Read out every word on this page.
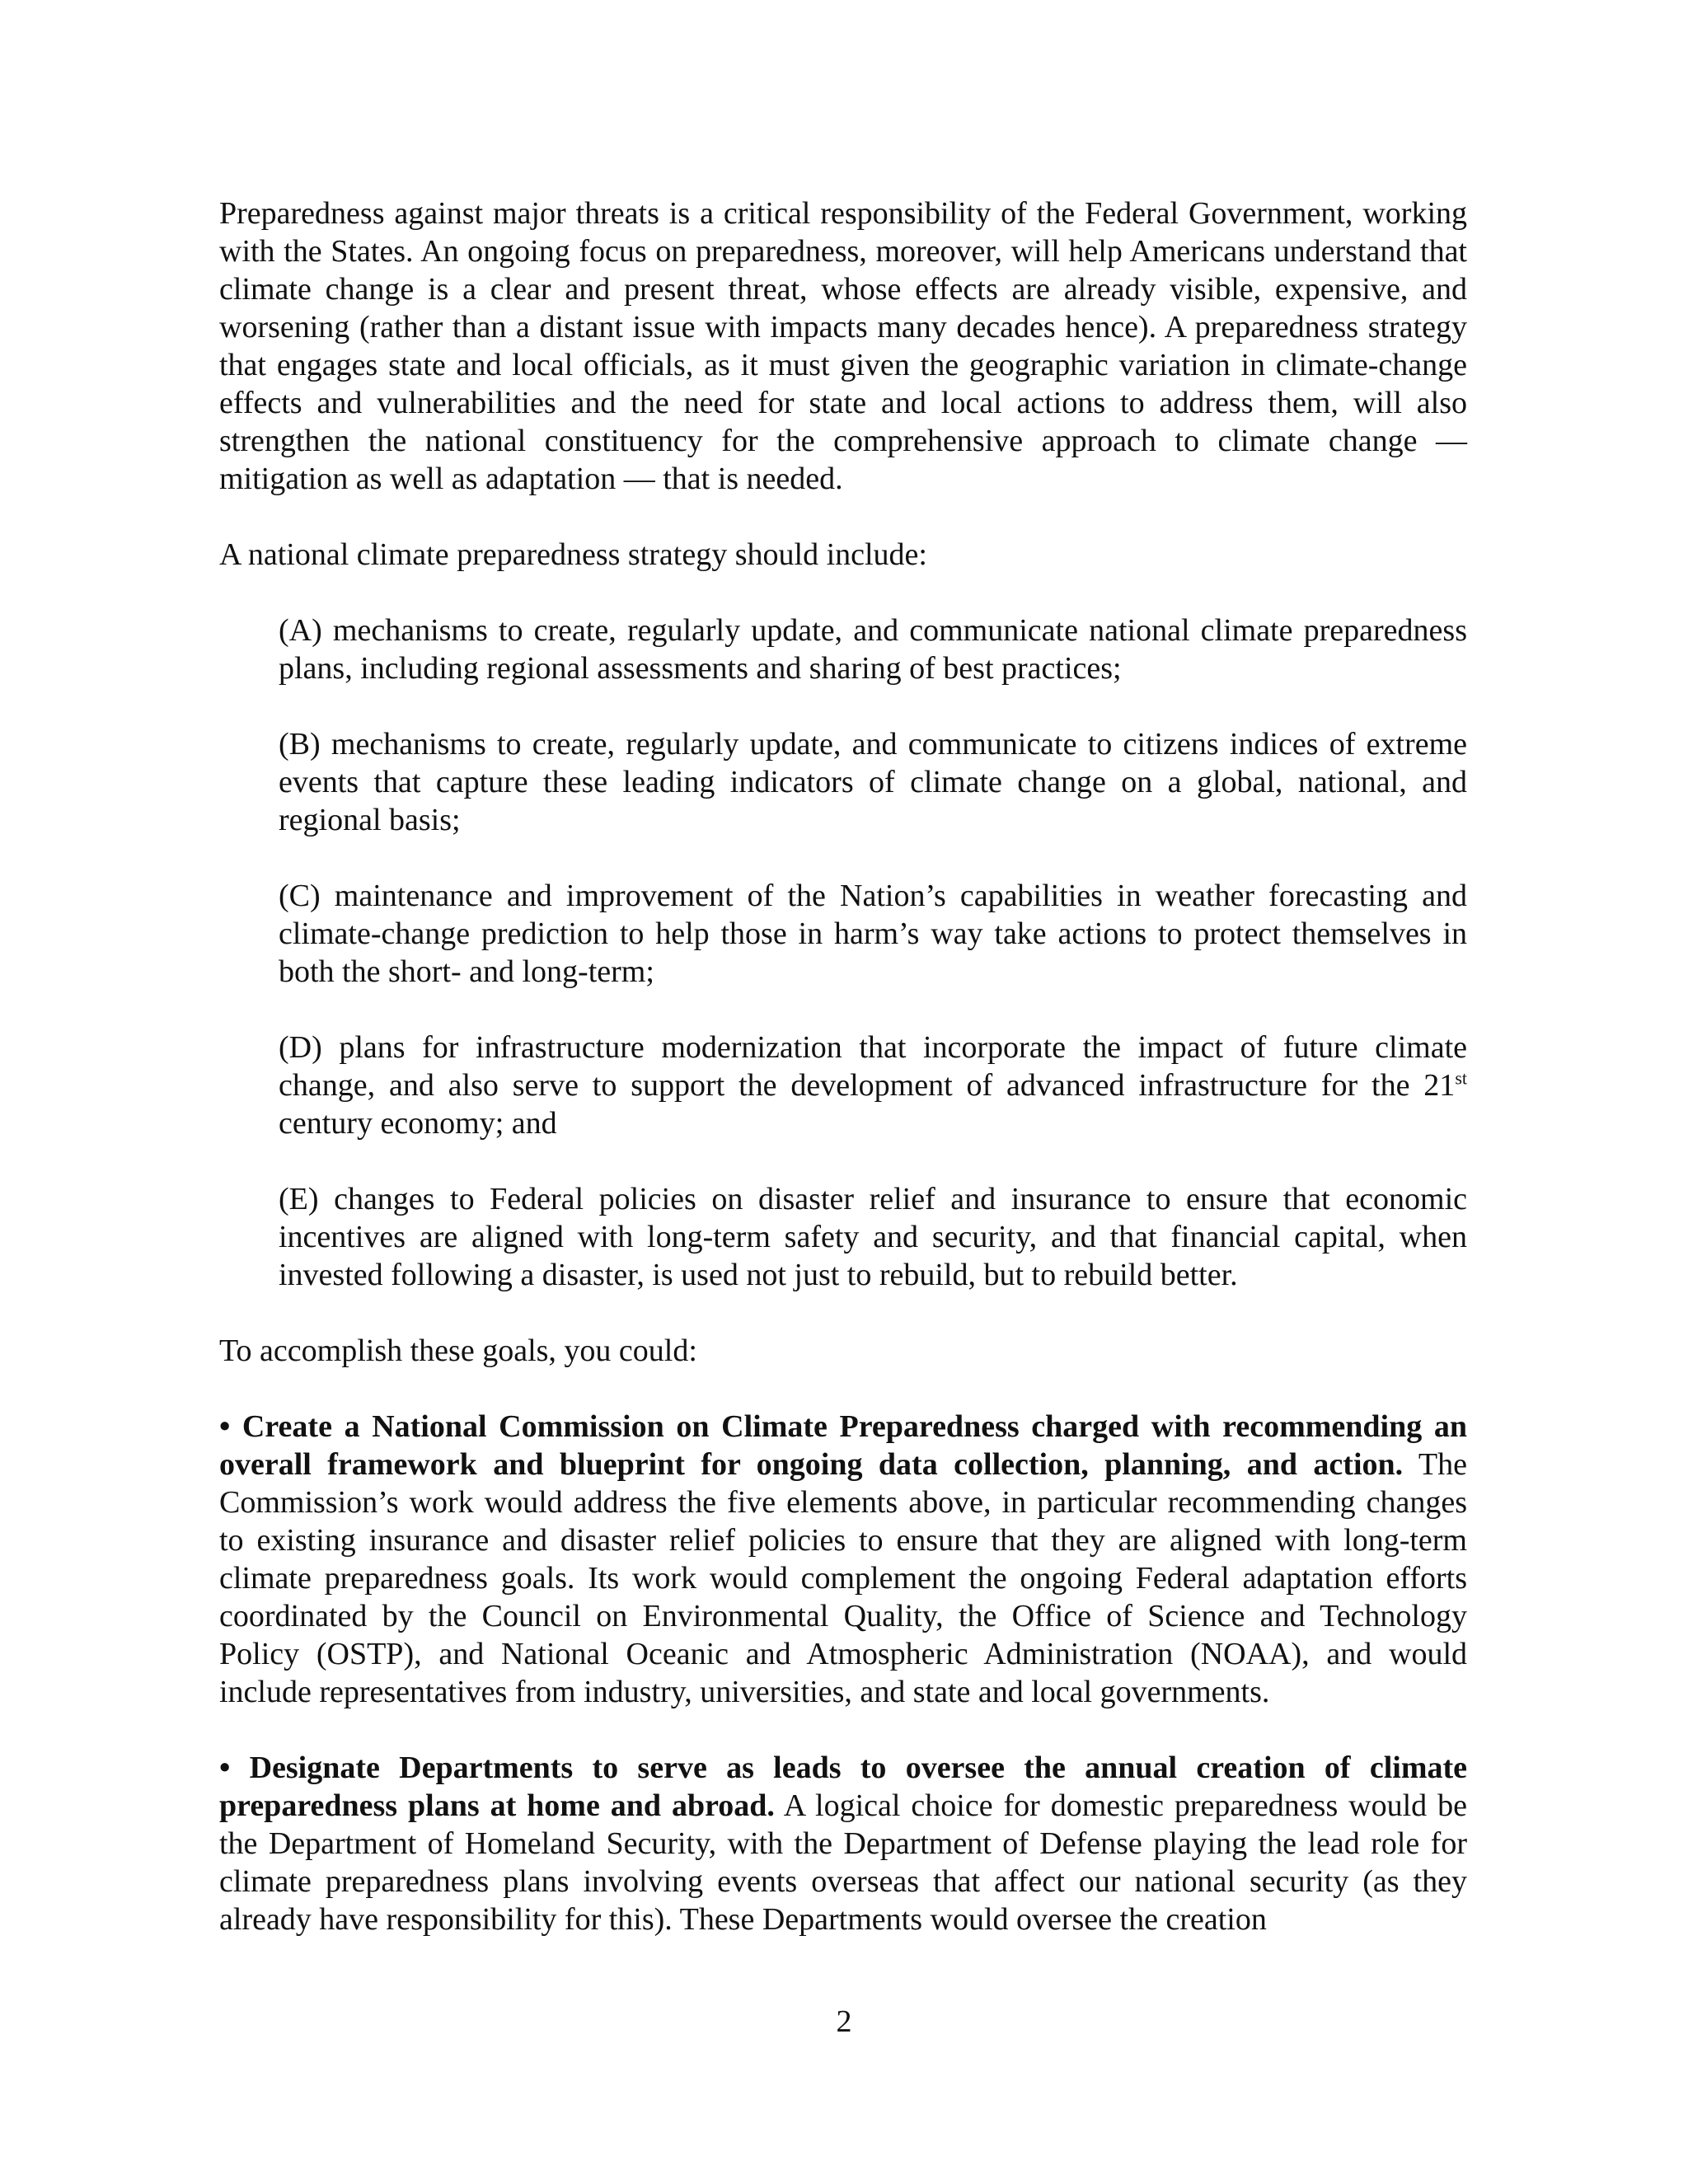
Preparedness against major threats is a critical responsibility of the Federal Government, working with the States. An ongoing focus on preparedness, moreover, will help Americans understand that climate change is a clear and present threat, whose effects are already visible, expensive, and worsening (rather than a distant issue with impacts many decades hence). A preparedness strategy that engages state and local officials, as it must given the geographic variation in climate-change effects and vulnerabilities and the need for state and local actions to address them, will also strengthen the national constituency for the comprehensive approach to climate change — mitigation as well as adaptation — that is needed.

A national climate preparedness strategy should include:

(A) mechanisms to create, regularly update, and communicate national climate preparedness plans, including regional assessments and sharing of best practices;

(B) mechanisms to create, regularly update, and communicate to citizens indices of extreme events that capture these leading indicators of climate change on a global, national, and regional basis;

(C) maintenance and improvement of the Nation’s capabilities in weather forecasting and climate-change prediction to help those in harm’s way take actions to protect themselves in both the short- and long-term;

(D) plans for infrastructure modernization that incorporate the impact of future climate change, and also serve to support the development of advanced infrastructure for the 21st century economy; and

(E) changes to Federal policies on disaster relief and insurance to ensure that economic incentives are aligned with long-term safety and security, and that financial capital, when invested following a disaster, is used not just to rebuild, but to rebuild better.

To accomplish these goals, you could:

• Create a National Commission on Climate Preparedness charged with recommending an overall framework and blueprint for ongoing data collection, planning, and action. The Commission’s work would address the five elements above, in particular recommending changes to existing insurance and disaster relief policies to ensure that they are aligned with long-term climate preparedness goals. Its work would complement the ongoing Federal adaptation efforts coordinated by the Council on Environmental Quality, the Office of Science and Technology Policy (OSTP), and National Oceanic and Atmospheric Administration (NOAA), and would include representatives from industry, universities, and state and local governments.

• Designate Departments to serve as leads to oversee the annual creation of climate preparedness plans at home and abroad. A logical choice for domestic preparedness would be the Department of Homeland Security, with the Department of Defense playing the lead role for climate preparedness plans involving events overseas that affect our national security (as they already have responsibility for this). These Departments would oversee the creation

2
